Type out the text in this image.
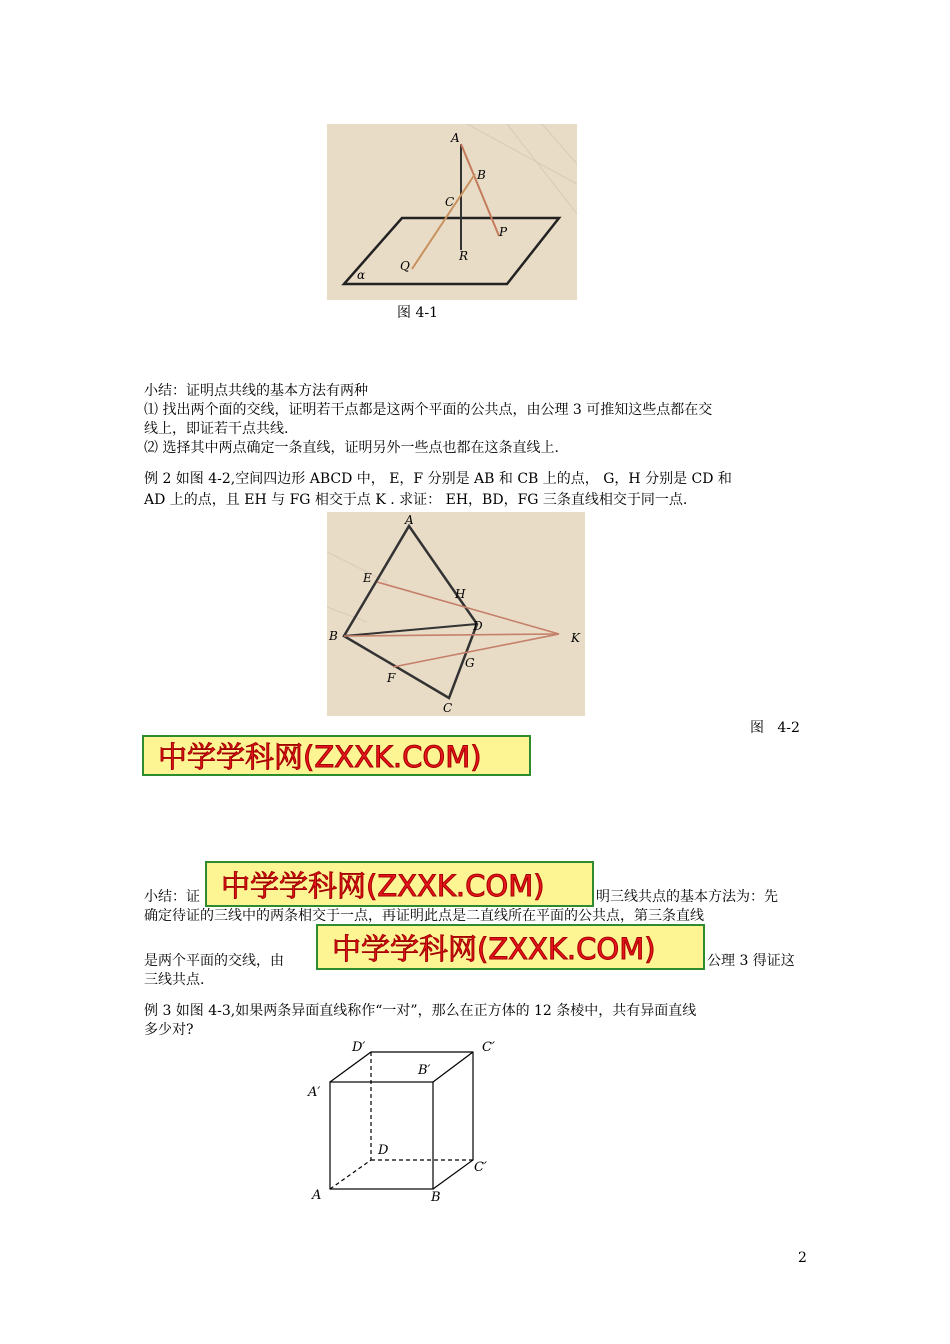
A
B
C
P
Q
R
α
图 4-1
小结：证明点共线的基本方法有两种
⑴ 找出两个面的交线，证明若干点都是这两个平面的公共点，由公理 3 可推知这些点都在交
线上，即证若干点共线.
⑵ 选择其中两点确定一条直线，证明另外一些点也都在这条直线上.
例 2 如图 4-2,空间四边形 ABCD 中， E，F 分别是 AB 和 CB 上的点， G，H 分别是 CD 和
AD 上的点，且 EH 与 FG 相交于点 K . 求证： EH，BD，FG 三条直线相交于同一点.
A
E
H
B
D
K
G
F
C
图   4-2
中学学科网(ZXXK.COM)
小结：证 中学学科网(ZXXK.COM)	明三线共点的基本方法为：先
确定待证的三线中的两条相交于一点，再证明此点是二直线所在平面的公共点，第三条直线
是两个平面的交线，由 中学学科网(ZXXK.COM)	公理 3 得证这
三线共点.
例 3 如图 4-3,如果两条异面直线称作“一对”，那么在正方体的 12 条棱中，共有异面直线
多少对?
D′	C′
B′
A′
D
C′
A	B
2
